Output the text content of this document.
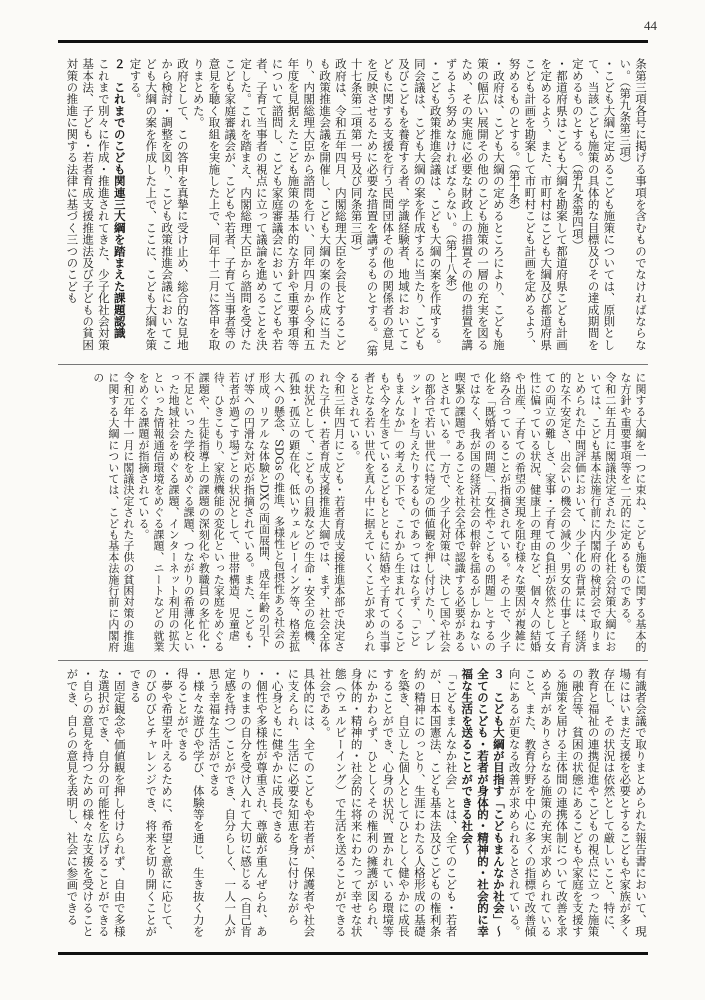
44

条第三項各号に掲げる事項を含むものでなければならない。（第九条第三項）

・こども大綱に定めるこども施策については、原則として、当該こども施策の具体的な目標及びその達成期間を定めるものとする。（第九条第四項）

・都道府県はこども大綱を勘案して都道府県こども計画を定めるよう、また、市町村はこども大綱及び都道府県こども計画を勘案して市町村こども計画を定めるよう、努めるものとする。（第十条）

・政府は、こども大綱の定めるところにより、こども施策の幅広い展開その他のこども施策の一層の充実を図るため、その実施に必要な財政上の措置その他の措置を講ずるよう努めなければならない。（第十八条）

・こども政策推進会議は、こども大綱の案を作成する。同会議は、こども大綱の案を作成するに当たり、こども及びこどもを養育する者、学識経験者、地域においてこどもに関する支援を行う民間団体その他の関係者の意見を反映させるために必要な措置を講ずるものとする。（第十七条第二項第一号及び同条第三項）

政府は、令和五年四月、内閣総理大臣を会長とするこども政策推進会議を開催し、こども大綱の案の作成に当たり、内閣総理大臣から諮問を行い、同年四月から令和五年度を見据えたこども施策の基本的な方針や重要事項等について諮問し、こども家庭審議会においてこどもや若者、子育て当事者の視点に立って議論を進めることを決定した。これを踏まえ、内閣総理大臣から諮問を受けたこども家庭審議会が、こどもや若者、子育て当事者等の意見を聴く取組を実施した上で、同年十二月に答申を取りまとめた。

政府として、この答申を真摯に受け止め、総合的な見地から検討・調整を図り、こども政策推進会議においてこども大綱の案を作成した上で、ここに、こども大綱を策定する。

２　これまでのこども関連三大綱を踏まえた課題認識

これまで別々に作成・推進されてきた、少子化社会対策基本法、子ども・若者育成支援推進法及び子どもの貧困対策の推進に関する法律に基づく三つのこども

に関する大綱を一つに束ね、こども施策に関する基本的な方針や重要事項等を一元的に定めるものである。

令和二年五月に閣議決定された少子化社会対策大綱においては、こども基本法施行前に内閣府の検討会で取りまとめられた中間評価において、少子化の背景には、経済的な不安定さ、出会いの機会の減少、男女の仕事と子育ての両立の難しさ、家事・子育ての負担が依然として女性に偏っている状況、健康上の理由など、個々人の結婚や出産、子育ての希望の実現を阻む様々な要因が複雑に絡み合っていることが指摘されている。その上で、少子化を「既婚者の問題」、「女性やこどもの問題」とするのではなく、我が国の経済社会の根幹を揺るがしかねない喫緊の課題であることを社会全体で認識する必要があるとされている。一方で、少子化対策は、決して国や社会の都合で若い世代に特定の価値観を押し付けたり、プレッシャーを与えたりするものであってはならず、「こどもまんなか」の考えの下で、これから生まれてくるこどもや今を生きているこどもとともに結婚や子育ての当事者となる若い世代を真ん中に据えていくことが求められるとされている。

令和三年四月にこども・若者育成支援推進本部で決定された子供・若者育成支援推進大綱では、まず、社会全体の状況として、こどもの自殺などの生命・安全の危機、孤独・孤立の顕在化、低いウェルビーイング等、格差拡大への懸念、SDGsの推進、多様性と包摂性ある社会の形成、リアルな体験とDXの両面展開、成年年齢の引下げ等への円滑な対応が指摘されている。また、こども・若者が過ごす場ごとの状況として、世帯構造、児童虐待、ひきこもり、家族機能の変化といった家庭をめぐる課題や、生徒指導上の課題の深刻化や教職員の多忙化・不足といった学校をめぐる課題、つながりの希薄化といった地域社会をめぐる課題、インターネット利用の拡大といった情報通信環境をめぐる課題、ニートなどの就業をめぐる課題が指摘されている。

令和元年十一月に閣議決定された子供の貧困対策の推進に関する大綱については、こども基本法施行前に内閣府の

有識者会議で取りまとめられた報告書において、現場にはいまだ支援を必要とするこどもや家族が多く存在し、その状況は依然として厳しいこと、特に、教育と福祉の連携促進やこどもの視点に立った施策の融合等、貧困の状態にあるこどもや家庭を支援する施策を届ける主体間の連携体制について改善を求める声がありさらなる施策の充実が求められていること、また、教育分野を中心に多くの指標で改善傾向にあるが更なる改善が求められるとされている。

３　こども大綱が目指す「こどもまんなか社会」〜全てのこども・若者が身体的・精神的・社会的に幸福な生活を送ることができる社会〜

「こどもまんなか社会」とは、全てのこども・若者が、日本国憲法、こども基本法及びこどもの権利条約の精神にのっとり、生涯にわたる人格形成の基礎を築き、自立した個人としてひとしく健やかに成長することができ、心身の状況、置かれている環境等にかかわらず、ひとしくその権利の擁護が図られ、身体的・精神的・社会的に将来にわたって幸せな状態（ウェルビーイング）で生活を送ることができる社会である。

具体的には、全てのこどもや若者が、保護者や社会に支えられ、生活に必要な知恵を身に付けながら

・心身ともに健やかに成長できる

・個性や多様性が尊重され、尊厳が重んぜられ、ありのままの自分を受け入れて大切に感じる（自己肯定感を持つ）ことができ、自分らしく、一人一人が思う幸福な生活ができる

・様々な遊びや学び、体験等を通じ、生き抜く力を得ることができる

・夢や希望を叶えるために、希望と意欲に応じて、のびのびとチャレンジでき、将来を切り開くことができる

・固定観念や価値観を押し付けられず、自由で多様な選択ができ、自分の可能性を広げることができる

・自らの意見を持つための様々な支援を受けることができ、自らの意見を表明し、社会に参画できる
